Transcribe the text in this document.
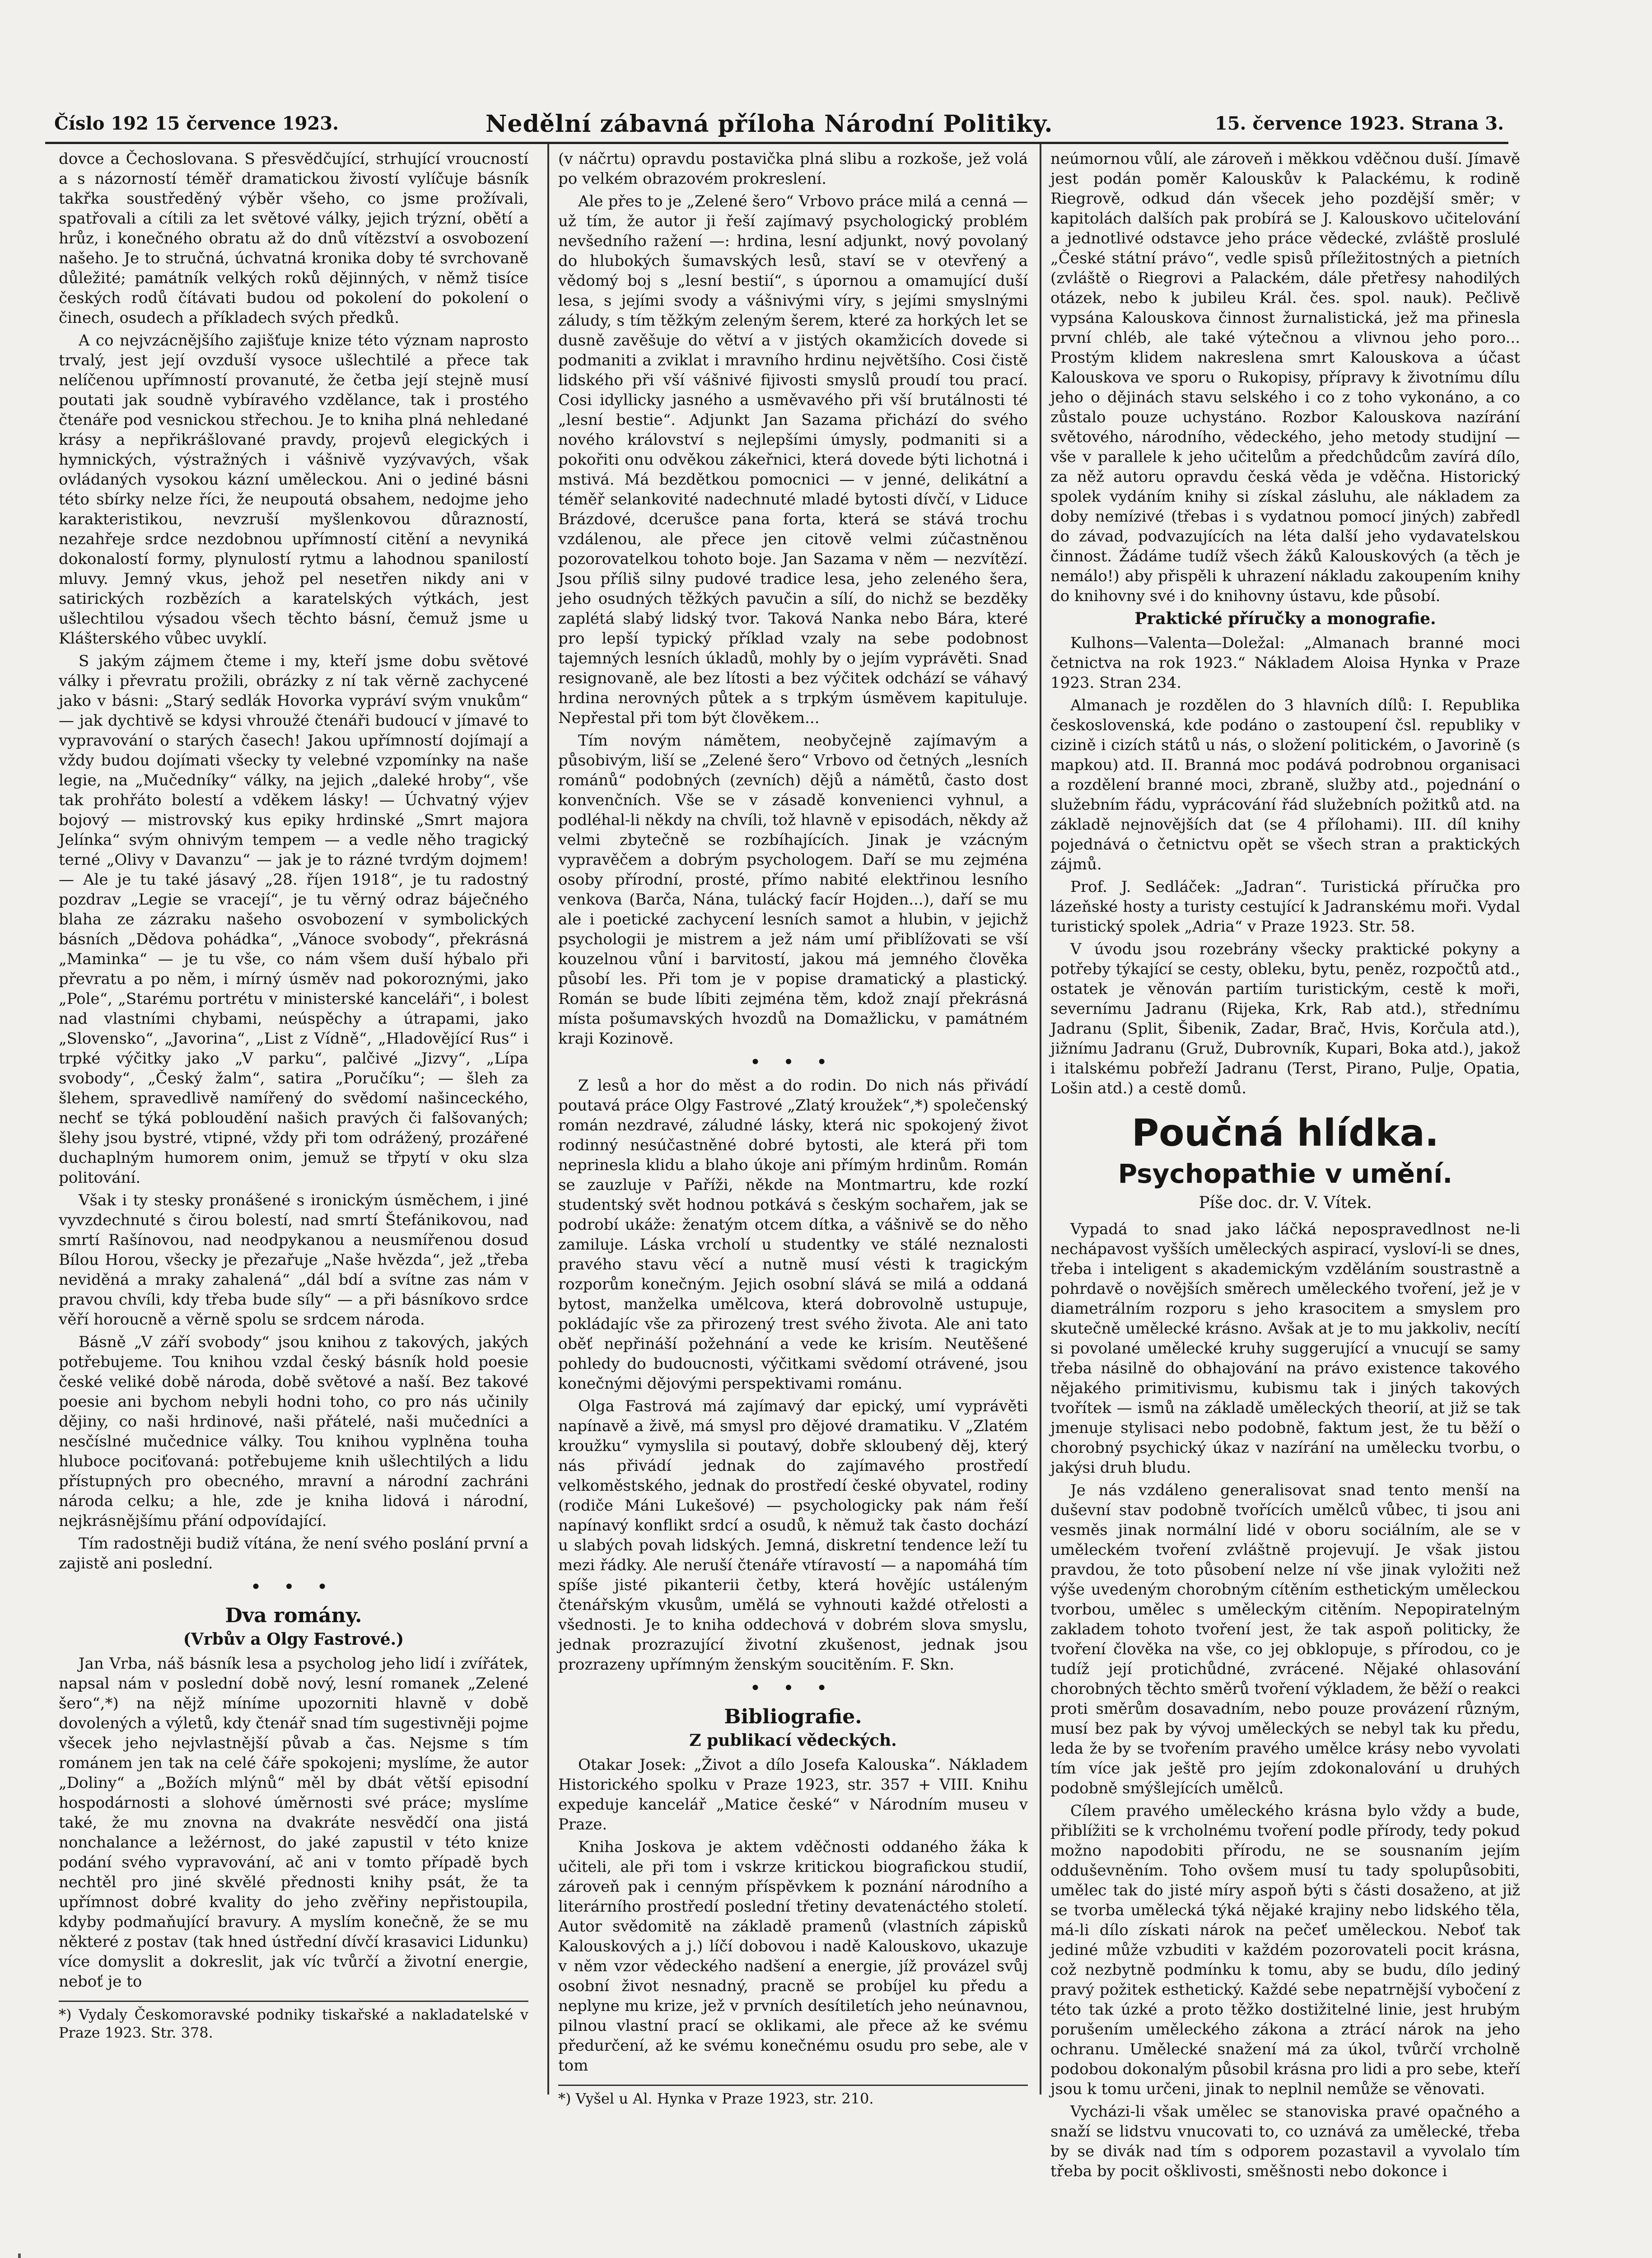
Číslo 192 15 července 1923.	Nedělní zábavná příloha Národní Politiky.	15. července 1923. Strana 3.

dovce a Čechoslovana. S přesvědčující, strhující vroucností a s názorností téměř dramatickou živostí vylíčuje básník takřka soustředěný výběr všeho, co jsme prožívali, spatřovali a cítili za let světové války, jejich trýzní, obětí a hrůz, i konečného obratu až do dnů vítězství a osvobození našeho. Je to stručná, úchvatná kronika doby té svrchovaně důležité; památník velkých roků dějinných, v němž tisíce českých rodů čítávati budou od pokolení do pokolení o činech, osudech a příkladech svých předků.

A co nejvzácnějšího zajišťuje knize této význam naprosto trvalý, jest její ovzduší vysoce ušlechtilé a přece tak nelíčenou upřímností provanuté, že četba její stejně musí poutati jak soudně vybíravého vzdělance, tak i prostého čtenáře pod vesnickou střechou. Je to kniha plná nehledané krásy a nepřikrášlované pravdy, projevů elegických i hymnických, výstražných i vášnivě vyzývavých, však ovládaných vysokou kázní uměleckou. Ani o jediné básni této sbírky nelze říci, že neupoutá obsahem, nedojme jeho karakteristikou, nevzruší myšlenkovou důrazností, nezahřeje srdce nezdobnou upřímností citění a nevyniká dokonalostí formy, plynulostí rytmu a lahodnou spanilostí mluvy. Jemný vkus, jehož pel nesetřen nikdy ani v satirických rozbězích a karatelských výtkách, jest ušlechtilou výsadou všech těchto básní, čemuž jsme u Klášterského vůbec uvyklí.

S jakým zájmem čteme i my, kteří jsme dobu světové války i převratu prožili, obrázky z ní tak věrně zachycené jako v básni: „Starý sedlák Hovorka vypráví svým vnukům“ — jak dychtivě se kdysi vhroužé čtenáři budoucí v jímavé to vypravování o starých časech! Jakou upřímností dojímají a vždy budou dojímati všecky ty velebné vzpomínky na naše legie, na „Mučedníky“ války, na jejich „daleké hroby“, vše tak prohřáto bolestí a vděkem lásky! — Úchvatný výjev bojový — mistrovský kus epiky hrdinské „Smrt majora Jelínka“ svým ohnivým tempem — a vedle něho tragický terné „Olivy v Davanzu“ — jak je to rázné tvrdým dojmem! — Ale je tu také jásavý „28. říjen 1918“, je tu radostný pozdrav „Legie se vracejí“, je tu věrný odraz báječného blaha ze zázraku našeho osvobození v symbolických básních „Dědova pohádka“, „Vánoce svobody“, překrásná „Maminka“ — je tu vše, co nám všem duší hýbalo při převratu a po něm, i mírný úsměv nad pokoroznými, jako „Pole“, „Starému portrétu v ministerské kanceláři“, i bolest nad vlastními chybami, neúspěchy a útrapami, jako „Slovensko“, „Javorina“, „List z Vídně“, „Hladovějící Rus“ i trpké výčitky jako „V parku“, palčivé „Jizvy“, „Lípa svobody“, „Český žalm“, satira „Poručíku“; — šleh za šlehem, spravedlivě namířený do svědomí našinceckého, nechť se týká pobloudění našich pravých či falšovaných; šlehy jsou bystré, vtipné, vždy při tom odrážený, prozářené duchaplným humorem onim, jemuž se třpytí v oku slza politování.

Však i ty stesky pronášené s ironickým úsměchem, i jiné vyvzdechnuté s čirou bolestí, nad smrtí Štefánikovou, nad smrtí Rašínovou, nad neodpykanou a neusmířenou dosud Bílou Horou, všecky je přezařuje „Naše hvězda“, jež „třeba neviděná a mraky zahalená“ „dál bdí a svítne zas nám v pravou chvíli, kdy třeba bude síly“ — a při básníkovo srdce věří horoucně a věrně spolu se srdcem národa.

Básně „V září svobody“ jsou knihou z takových, jakých potřebujeme. Tou knihou vzdal český básník hold poesie české veliké době národa, době světové a naší. Bez takové poesie ani bychom nebyli hodni toho, co pro nás učinily dějiny, co naši hrdinové, naši přátelé, naši mučedníci a nesčíslné mučednice války. Tou knihou vyplněna touha hluboce pociťovaná: potřebujeme knih ušlechtilých a lidu přístupných pro obecného, mravní a národní zachráni národa celku; a hle, zde je kniha lidová i národní, nejkrásnějšímu přání odpovídající.

Tím radostněji budiž vítána, že není svého poslání první a zajistě ani poslední.

• • •
Dva romány.
(Vrbův a Olgy Fastrové.)

Jan Vrba, náš básník lesa a psycholog jeho lidí i zvířátek, napsal nám v poslední době nový, lesní romanek „Zelené šero“,*) na nějž míníme upozorniti hlavně v době dovolených a výletů, kdy čtenář snad tím sugestivněji pojme všecek jeho nejvlastnější půvab a čas. Nejsme s tím románem jen tak na celé čáře spokojeni; myslíme, že autor „Doliny“ a „Božích mlýnů“ měl by dbát větší episodní hospodárnosti a slohové úměrnosti své práce; myslíme také, že mu znovna na dvakráte nesvědčí ona jistá nonchalance a ležérnost, do jaké zapustil v této knize podání svého vypravování, ač ani v tomto případě bych nechtěl pro jiné skvělé přednosti knihy psát, že ta upřímnost dobré kvality do jeho zvěřiny nepřistoupila, kdyby podmaňující bravury. A myslím konečně, že se mu některé z postav (tak hned ústřední dívčí krasavici Lidunku) více domyslit a dokreslit, jak víc tvůrčí a životní energie, neboť je to

*) Vydaly Českomoravské podniky tiskařské a nakladatelské v Praze 1923. Str. 378.

(v náčrtu) opravdu postavička plná slibu a rozkoše, jež volá po velkém obrazovém prokreslení.

Ale přes to je „Zelené šero“ Vrbovo práce milá a cenná — už tím, že autor ji řeší zajímavý psychologický problém nevšedního ražení —: hrdina, lesní adjunkt, nový povolaný do hlubokých šumavských lesů, staví se v otevřený a vědomý boj s „lesní bestií“, s úpornou a omamující duší lesa, s jejími svody a vášnivými víry, s jejími smyslnými záludy, s tím těžkým zeleným šerem, které za horkých let se dusně zavěšuje do větví a v jistých okamžicích dovede si podmaniti a zviklat i mravního hrdinu největšího. Cosi čistě lidského při vší vášnivé fijivosti smyslů proudí tou prací. Cosi idyllicky jasného a usměvavého při vší brutálnosti té „lesní bestie“. Adjunkt Jan Sazama přichází do svého nového království s nejlepšími úmysly, podmaniti si a pokořiti onu odvěkou zákeřnici, která dovede býti lichotná i mstivá. Má bezdětkou pomocnici — v jenné, delikátní a téměř selankovité nadechnuté mladé bytosti dívčí, v Liduce Brázdové, dcerušce pana forta, která se stává trochu vzdálenou, ale přece jen citově velmi zúčastněnou pozorovatelkou tohoto boje. Jan Sazama v něm — nezvítězí. Jsou příliš silny pudové tradice lesa, jeho zeleného šera, jeho osudných těžkých pavučin a sílí, do nichž se bezděky zaplétá slabý lidský tvor. Taková Nanka nebo Bára, které pro lepší typický příklad vzaly na sebe podobnost tajemných lesních úkladů, mohly by o jejím vyprávěti. Snad resignovaně, ale bez lítosti a bez výčitek odchází se váhavý hrdina nerovných půtek a s trpkým úsměvem kapituluje. Nepřestal při tom být člověkem...

Tím novým námětem, neobyčejně zajímavým a působivým, liší se „Zelené šero“ Vrbovo od četných „lesních románů“ podobných (zevních) dějů a námětů, často dost konvenčních. Vše se v zásadě konvenienci vyhnul, a podléhal-li někdy na chvíli, tož hlavně v episodách, někdy až velmi zbytečně se rozbíhajících. Jinak je vzácným vypravěčem a dobrým psychologem. Daří se mu zejména osoby přírodní, prosté, přímo nabité elektřinou lesního venkova (Barča, Nána, tulácký facír Hojden...), daří se mu ale i poetické zachycení lesních samot a hlubin, v jejichž psychologii je mistrem a jež nám umí přiblížovati se vší kouzelnou vůní i barvitostí, jakou má jemného člověka působí les. Při tom je v popise dramatický a plastický. Román se bude líbiti zejména těm, kdož znají překrásná místa pošumavských hvozdů na Domažlicku, v památném kraji Kozinově.

• • •

Z lesů a hor do měst a do rodin. Do nich nás přivádí poutavá práce Olgy Fastrové „Zlatý kroužek“,*) společenský román nezdravé, záludné lásky, která nic spokojený život rodinný nesúčastněné dobré bytosti, ale která při tom neprinesla klidu a blaho úkoje ani přímým hrdinům. Román se zauzluje v Paříži, někde na Montmartru, kde rozkí studentský svět hodnou potkává s českým sochařem, jak se podrobí ukáže: ženatým otcem dítka, a vášnivě se do něho zamiluje. Láska vrcholí u studentky ve stálé neznalosti pravého stavu věcí a nutně musí vésti k tragickým rozporům konečným. Jejich osobní slává se milá a oddaná bytost, manželka umělcova, která dobrovolně ustupuje, pokládajíc vše za přirozený trest svého života. Ale ani tato oběť nepřináší požehnání a vede ke krisím. Neutěšené pohledy do budoucnosti, výčitkami svědomí otrávené, jsou konečnými dějovými perspektivami románu.

Olga Fastrová má zajímavý dar epický, umí vyprávěti napínavě a živě, má smysl pro dějové dramatiku. V „Zlatém kroužku“ vymyslila si poutavý, dobře skloubený děj, který nás přivádí jednak do zajímavého prostředí velkoměstského, jednak do prostředí české obyvatel, rodiny (rodiče Máni Lukešové) — psychologicky pak nám řeší napínavý konflikt srdcí a osudů, k němuž tak často dochází u slabých povah lidských. Jemná, diskretní tendence leží tu mezi řádky. Ale neruší čtenáře vtíravostí — a napomáhá tím spíše jisté pikanterii četby, která hovějíc ustáleným čtenářským vkusům, umělá se vyhnouti každé otřelosti a všednosti. Je to kniha oddechová v dobrém slova smyslu, jednak prozrazující životní zkušenost, jednak jsou prozrazeny upřímným ženským soucitěním. F. Skn.

• • •
Bibliografie.
Z publikací vědeckých.

Otakar Josek: „Život a dílo Josefa Kalouska“. Nákladem Historického spolku v Praze 1923, str. 357 + VIII. Knihu expeduje kancelář „Matice české“ v Národním museu v Praze.

Kniha Joskova je aktem vděčnosti oddaného žáka k učiteli, ale při tom i vskrze kritickou biografickou studií, zároveň pak i cenným příspěvkem k poznání národního a literárního prostředí poslední třetiny devatenáctého století. Autor svědomitě na základě pramenů (vlastních zápisků Kalouskových a j.) líčí dobovou i nadě Kalouskovo, ukazuje v něm vzor vědeckého nadšení a energie, jíž provázel svůj osobní život nesnadný, pracně se probíjel ku předu a neplyne mu krize, jež v prvních desítiletích jeho neúnavnou, pilnou vlastní prací se oklikami, ale přece až ke svému předurčení, až ke svému konečnému osudu pro sebe, ale v tom

*) Vyšel u Al. Hynka v Praze 1923, str. 210.

neúmornou vůlí, ale zároveň i měkkou vděčnou duší. Jímavě jest podán poměr Kalouskův k Palackému, k rodině Riegrově, odkud dán všecek jeho pozdější směr; v kapitolách dalších pak probírá se J. Kalouskovo učitelování a jednotlivé odstavce jeho práce vědecké, zvláště proslulé „České státní právo“, vedle spisů příležitostných a pietních (zvláště o Riegrovi a Palackém, dále přetřesy nahodilých otázek, nebo k jubileu Král. čes. spol. nauk). Pečlivě vypsána Kalouskova činnost žurnalistická, jež ma přinesla první chléb, ale také výtečnou a vlivnou jeho poro... Prostým klidem nakreslena smrt Kalouskova a účast Kalouskova ve sporu o Rukopisy, přípravy k životnímu dílu jeho o dějinách stavu selského i co z toho vykonáno, a co zůstalo pouze uchystáno. Rozbor Kalouskova nazírání světového, národního, vědeckého, jeho metody studijní — vše v parallele k jeho učitelům a předchůdcům zavírá dílo, za něž autoru opravdu česká věda je vděčna. Historický spolek vydáním knihy si získal zásluhu, ale nákladem za doby nemízivé (třebas i s vydatnou pomocí jiných) zabředl do závad, podvazujících na léta další jeho vydavatelskou činnost. Žádáme tudíž všech žáků Kalouskových (a těch je nemálo!) aby přispěli k uhrazení nákladu zakoupením knihy do knihovny své i do knihovny ústavu, kde působí.

Praktické příručky a monografie.

Kulhons—Valenta—Doležal: „Almanach branné moci četnictva na rok 1923.“ Nákladem Aloisa Hynka v Praze 1923. Stran 234.

Almanach je rozdělen do 3 hlavních dílů: I. Republika československá, kde podáno o zastoupení čsl. republiky v cizině i cizích států u nás, o složení politickém, o Javorině (s mapkou) atd. II. Branná moc podává podrobnou organisaci a rozdělení branné moci, zbraně, služby atd., pojednání o služebním řádu, vyprácování řád služebních požitků atd. na základě nejnovějších dat (se 4 přílohami). III. díl knihy pojednává o četnictvu opět se všech stran a praktických zájmů.

Prof. J. Sedláček: „Jadran“. Turistická příručka pro lázeňské hosty a turisty cestující k Jadranskému moři. Vydal turistický spolek „Adria“ v Praze 1923. Str. 58.

V úvodu jsou rozebrány všecky praktické pokyny a potřeby týkající se cesty, obleku, bytu, peněz, rozpočtů atd., ostatek je věnován partiím turistickým, cestě k moři, severnímu Jadranu (Rijeka, Krk, Rab atd.), střednímu Jadranu (Split, Šibenik, Zadar, Brač, Hvis, Korčula atd.), jižnímu Jadranu (Gruž, Dubrovník, Kupari, Boka atd.), jakož i italskému pobřeží Jadranu (Terst, Pirano, Pulje, Opatia, Lošin atd.) a cestě domů.

Poučná hlídka.
Psychopathie v umění.
Píše doc. dr. V. Vítek.

Vypadá to snad jako láčká nepospravedlnost ne-li nechápavost vyšších uměleckých aspirací, vysloví-li se dnes, třeba i inteligent s akademickým vzděláním soustrastně a pohrdavě o novějších směrech uměleckého tvoření, jež je v diametrálním rozporu s jeho krasocitem a smyslem pro skutečně umělecké krásno. Avšak at je to mu jakkoliv, necítí si povolané umělecké kruhy suggerující a vnucují se samy třeba násilně do obhajování na právo existence takového nějakého primitivismu, kubismu tak i jiných takových tvořítek — ismů na základě uměleckých theorií, at již se tak jmenuje stylisaci nebo podobně, faktum jest, že tu běží o chorobný psychický úkaz v nazírání na umělecku tvorbu, o jakýsi druh bludu.

Je nás vzdáleno generalisovat snad tento menší na duševní stav podobně tvořících umělců vůbec, ti jsou ani vesměs jinak normální lidé v oboru sociálním, ale se v uměleckém tvoření zvláštně projevují. Je však jistou pravdou, že toto působení nelze ní vše jinak vyložiti než výše uvedeným chorobným cítěním esthetickým uměleckou tvorbou, umělec s uměleckým citěním. Nepopiratelným zakladem tohoto tvoření jest, že tak aspoň politicky, že tvoření člověka na vše, co jej obklopuje, s přírodou, co je tudíž její protichůdné, zvrácené. Nějaké ohlasování chorobných těchto směrů tvoření výkladem, že běží o reakci proti směrům dosavadním, nebo pouze provázení různým, musí bez pak by vývoj uměleckých se nebyl tak ku předu, leda že by se tvořením pravého umělce krásy nebo vyvolati tím více jak ještě pro jejím zdokonalování u druhých podobně smýšlejících umělců.

Cílem pravého uměleckého krásna bylo vždy a bude, přiblížiti se k vrcholnému tvoření podle přírody, tedy pokud možno napodobiti přírodu, ne se sousnaním jejím odduševněním. Toho ovšem musí tu tady spolupůsobiti, umělec tak do jisté míry aspoň býti s části dosaženo, at již se tvorba umělecká týká nějaké krajiny nebo lidského těla, má-li dílo získati nárok na pečeť uměleckou. Neboť tak jediné může vzbuditi v každém pozorovateli pocit krásna, což nezbytně podmínku k tomu, aby se budu, dílo jediný pravý požitek esthetický. Každé sebe nepatrnější vybočení z této tak úzké a proto těžko dostižitelné linie, jest hrubým porušením uměleckého zákona a ztrácí nárok na jeho ochranu. Umělecké snažení má za úkol, tvůrčí vrcholně podobou dokonalým působil krásna pro lidi a pro sebe, kteří jsou k tomu určeni, jinak to neplnil nemůže se věnovati.

Vycházi-li však umělec se stanoviska pravé opačného a snaží se lidstvu vnucovati to, co uznává za umělecké, třeba by se divák nad tím s odporem pozastavil a vyvolalo tím třeba by pocit ošklivosti, směšnosti nebo dokonce i
